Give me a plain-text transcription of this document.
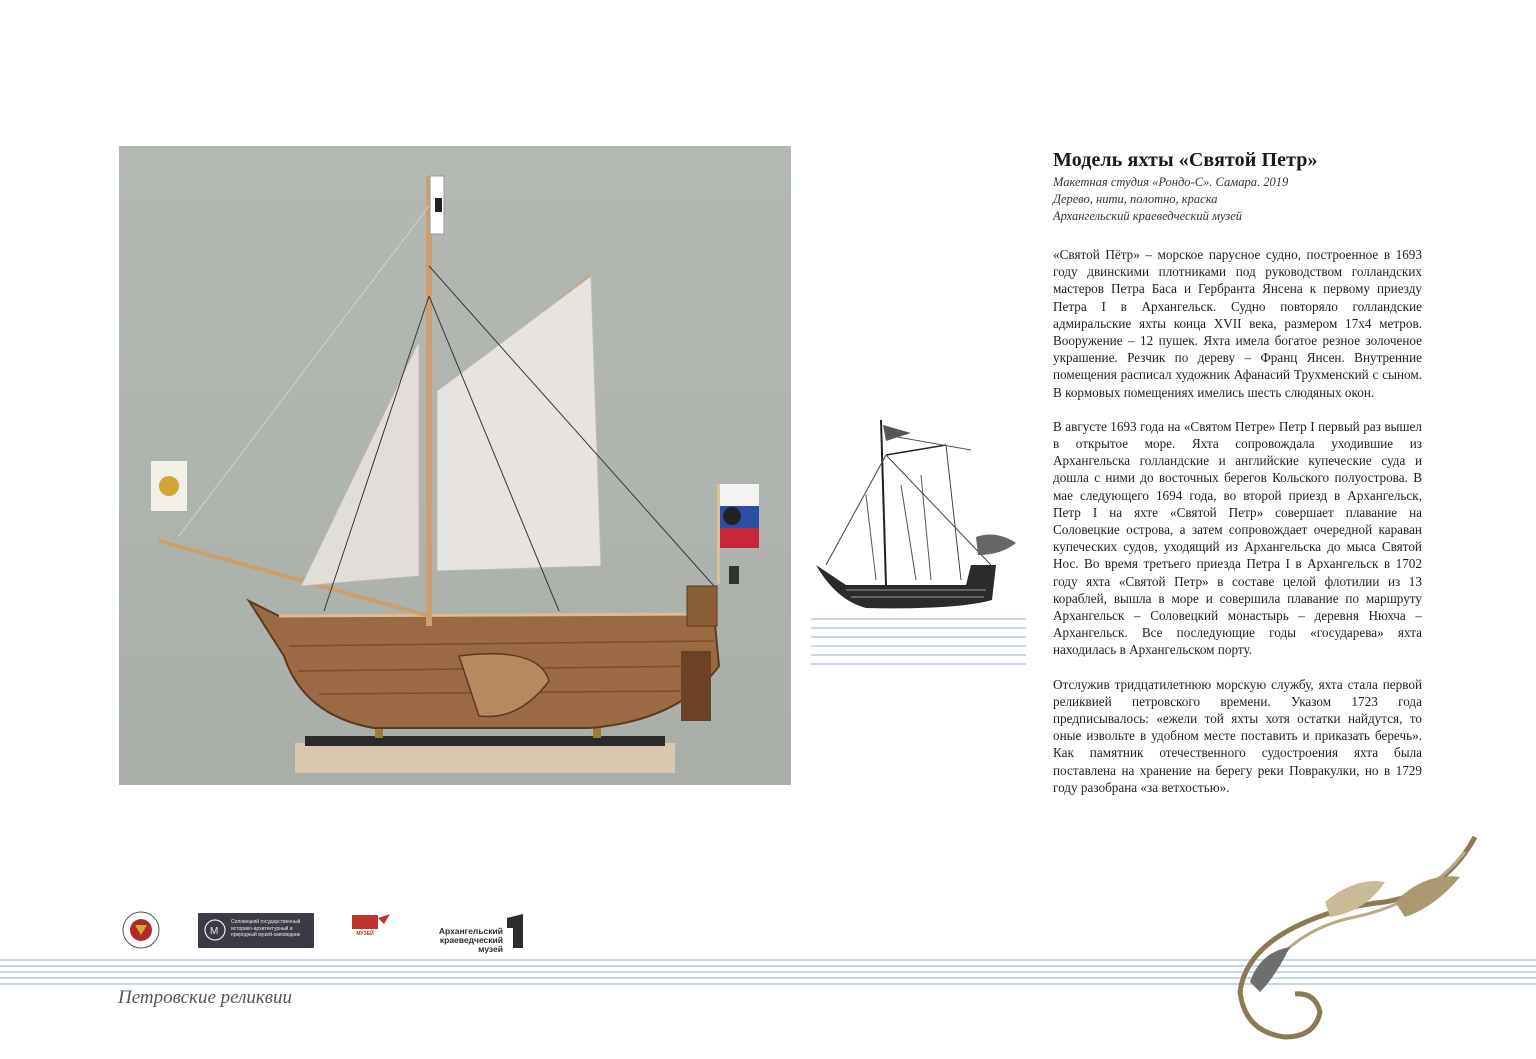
Модель яхты «Святой Петр»

Макетная студия «Рондо-С». Самара. 2019

Дерево, нити, полотно, краска

Архангельский краеведческий музей

«Святой Пётр» – морское парусное судно, построенное в 1693 году двинскими плотниками под руководством голландских мастеров Петра Баса и Гербранта Янсена к первому приезду Петра I в Архангельск. Судно повторяло голландские адмиральские яхты конца XVII века, размером 17х4 метров. Вооружение – 12 пушек. Яхта имела богатое резное золоченое украшение. Резчик по дереву – Франц Янсен. Внутренние помещения расписал художник Афанасий Трухменский с сыном. В кормовых помещениях имелись шесть слюдяных окон.

В августе 1693 года на «Святом Петре» Петр I первый раз вышел в открытое море. Яхта сопровождала уходившие из Архангельска голландские и английские купеческие суда и дошла с ними до восточных берегов Кольского полуострова. В мае следующего 1694 года, во второй приезд в Архангельск, Петр I на яхте «Святой Петр» совершает плавание на Соловецкие острова, а затем сопровождает очередной караван купеческих судов, уходящий из Архангельска до мыса Святой Нос. Во время третьего приезда Петра I в Архангельск в 1702 году яхта «Святой Петр» в составе целой флотилии из 13 кораблей, вышла в море и совершила плавание по маршруту Архангельск – Соловецкий монастырь – деревня Нюхча – Архангельск. Все последующие годы «государева» яхта находилась в Архангельском порту.

Отслужив тридцатилетнюю морскую службу, яхта стала первой реликвией петровского времени. Указом 1723 года предписывалось: «ежели той яхты хотя остатки найдутся, то оные извольте в удобном месте поставить и приказать беречь». Как памятник отечественного судостроения яхта была поставлена на хранение на берегу реки Повракулки, но в 1729 году разобрана «за ветхостью».

M
Соловецкий государственный историко-архитектурный и природный музей-заповедник	МУЗЕЙ	Архангельский краеведческий музей
Петровские реликвии
